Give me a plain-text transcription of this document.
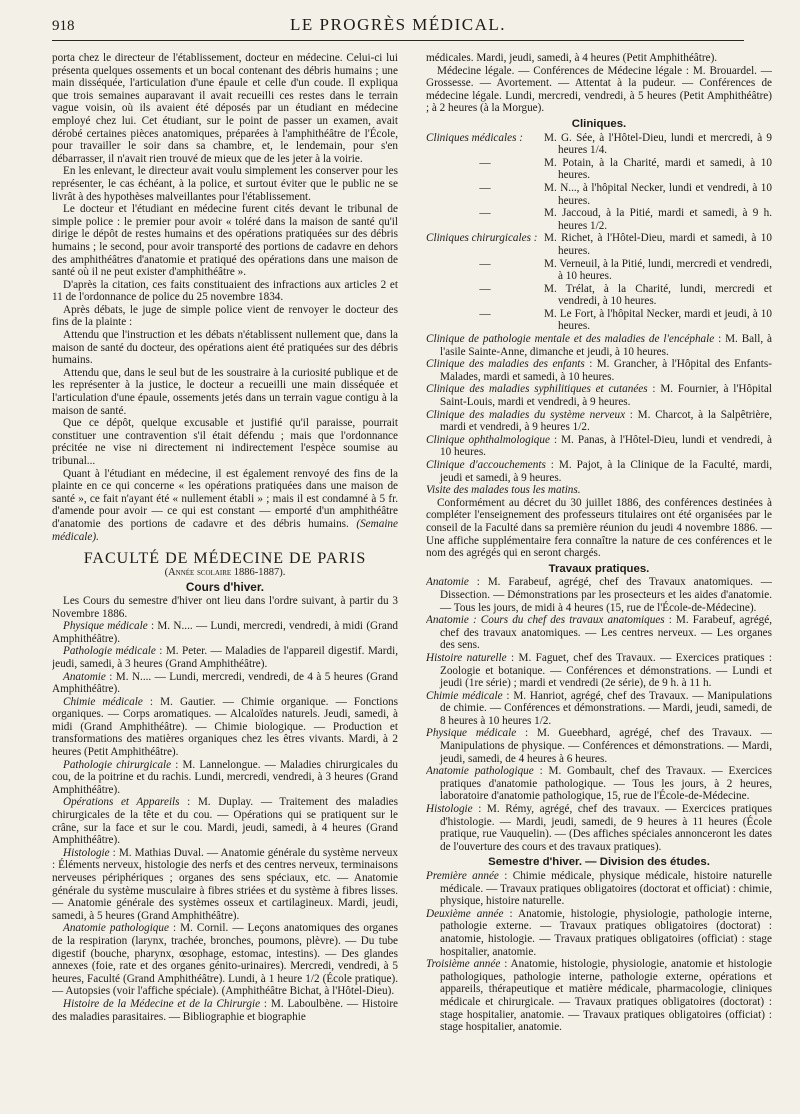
918	LE PROGRÈS MÉDICAL.

porta chez le directeur de l'établissement, docteur en médecine. Celui-ci lui présenta quelques ossements et un bocal contenant des débris humains ; une main disséquée, l'articulation d'une épaule et celle d'un coude. Il expliqua que trois semaines auparavant il avait recueilli ces restes dans le terrain vague voisin, où ils avaient été déposés par un étudiant en médecine employé chez lui. Cet étudiant, sur le point de passer un examen, avait dérobé certaines pièces anatomiques, préparées à l'amphithéâtre de l'École, pour travailler le soir dans sa chambre, et, le lendemain, pour s'en débarrasser, il n'avait rien trouvé de mieux que de les jeter à la voirie.

En les enlevant, le directeur avait voulu simplement les conserver pour les représenter, le cas échéant, à la police, et surtout éviter que le public ne se livrât à des hypothèses malveillantes pour l'établissement.

Le docteur et l'étudiant en médecine furent cités devant le tribunal de simple police : le premier pour avoir « toléré dans la maison de santé qu'il dirige le dépôt de restes humains et des opérations pratiquées sur des débris humains ; le second, pour avoir transporté des portions de cadavre en dehors des amphithéâtres d'anatomie et pratiqué des opérations dans une maison de santé où il ne peut exister d'amphithéâtre ».

D'après la citation, ces faits constituaient des infractions aux articles 2 et 11 de l'ordonnance de police du 25 novembre 1834.

Après débats, le juge de simple police vient de renvoyer le docteur des fins de la plainte :

Attendu que l'instruction et les débats n'établissent nullement que, dans la maison de santé du docteur, des opérations aient été pratiquées sur des débris humains.

Attendu que, dans le seul but de les soustraire à la curiosité publique et de les représenter à la justice, le docteur a recueilli une main disséquée et l'articulation d'une épaule, ossements jetés dans un terrain vague contigu à la maison de santé.

Que ce dépôt, quelque excusable et justifié qu'il paraisse, pourrait constituer une contravention s'il était défendu ; mais que l'ordonnance précitée ne vise ni directement ni indirectement l'espèce soumise au tribunal...

Quant à l'étudiant en médecine, il est également renvoyé des fins de la plainte en ce qui concerne « les opérations pratiquées dans une maison de santé », ce fait n'ayant été « nullement établi » ; mais il est condamné à 5 fr. d'amende pour avoir — ce qui est constant — emporté d'un amphithéâtre d'anatomie des portions de cadavre et des débris humains. (Semaine médicale).

FACULTÉ DE MÉDECINE DE PARIS
(Année scolaire 1886-1887).
Cours d'hiver.

Les Cours du semestre d'hiver ont lieu dans l'ordre suivant, à partir du 3 Novembre 1886.

Physique médicale : M. N.... — Lundi, mercredi, vendredi, à midi (Grand Amphithéâtre).

Pathologie médicale : M. Peter. — Maladies de l'appareil digestif. Mardi, jeudi, samedi, à 3 heures (Grand Amphithéâtre).

Anatomie : M. N.... — Lundi, mercredi, vendredi, de 4 à 5 heures (Grand Amphithéâtre).

Chimie médicale : M. Gautier. — Chimie organique. — Fonctions organiques. — Corps aromatiques. — Alcaloïdes naturels. Jeudi, samedi, à midi (Grand Amphithéâtre). — Chimie biologique. — Production et transformations des matières organiques chez les êtres vivants. Mardi, à 2 heures (Petit Amphithéâtre).

Pathologie chirurgicale : M. Lannelongue. — Maladies chirurgicales du cou, de la poitrine et du rachis. Lundi, mercredi, vendredi, à 3 heures (Grand Amphithéâtre).

Opérations et Appareils : M. Duplay. — Traitement des maladies chirurgicales de la tête et du cou. — Opérations qui se pratiquent sur le crâne, sur la face et sur le cou. Mardi, jeudi, samedi, à 4 heures (Grand Amphithéâtre).

Histologie : M. Mathias Duval. — Anatomie générale du système nerveux : Éléments nerveux, histologie des nerfs et des centres nerveux, terminaisons nerveuses périphériques ; organes des sens spéciaux, etc. — Anatomie générale du système musculaire à fibres striées et du système à fibres lisses. — Anatomie générale des systèmes osseux et cartilagineux. Mardi, jeudi, samedi, à 5 heures (Grand Amphithéâtre).

Anatomie pathologique : M. Cornil. — Leçons anatomiques des organes de la respiration (larynx, trachée, bronches, poumons, plèvre). — Du tube digestif (bouche, pharynx, œsophage, estomac, intestins). — Des glandes annexes (foie, rate et des organes génito-urinaires). Mercredi, vendredi, à 5 heures, Faculté (Grand Amphithéâtre). Lundi, à 1 heure 1/2 (École pratique). — Autopsies (voir l'affiche spéciale). (Amphithéâtre Bichat, à l'Hôtel-Dieu).

Histoire de la Médecine et de la Chirurgie : M. Laboulbène. — Histoire des maladies parasitaires. — Bibliographie et biographie

médicales. Mardi, jeudi, samedi, à 4 heures (Petit Amphithéâtre).

Médecine légale. — Conférences de Médecine légale : M. Brouardel. — Grossesse. — Avortement. — Attentat à la pudeur. — Conférences de médecine légale. Lundi, mercredi, vendredi, à 5 heures (Petit Amphithéâtre) ; à 2 heures (à la Morgue).

Cliniques.
Cliniques médicales :	M. G. Sée, à l'Hôtel-Dieu, lundi et mercredi, à 9 heures 1/4.
—	M. Potain, à la Charité, mardi et samedi, à 10 heures.
—	M. N..., à l'hôpital Necker, lundi et vendredi, à 10 heures.
—	M. Jaccoud, à la Pitié, mardi et samedi, à 9 h. heures 1/2.
Cliniques chirurgicales : M. Richet, à l'Hôtel-Dieu, mardi et samedi, à 10 heures.
—	M. Verneuil, à la Pitié, lundi, mercredi et vendredi, à 10 heures.
—	M. Trélat, à la Charité, lundi, mercredi et vendredi, à 10 heures.
—	M. Le Fort, à l'hôpital Necker, mardi et jeudi, à 10 heures.

Clinique de pathologie mentale et des maladies de l'encéphale : M. Ball, à l'asile Sainte-Anne, dimanche et jeudi, à 10 heures.

Clinique des maladies des enfants : M. Grancher, à l'Hôpital des Enfants-Malades, mardi et samedi, à 10 heures.

Clinique des maladies syphilitiques et cutanées : M. Fournier, à l'Hôpital Saint-Louis, mardi et vendredi, à 9 heures.

Clinique des maladies du système nerveux : M. Charcot, à la Salpêtrière, mardi et vendredi, à 9 heures 1/2.

Clinique ophthalmologique : M. Panas, à l'Hôtel-Dieu, lundi et vendredi, à 10 heures.

Clinique d'accouchements : M. Pajot, à la Clinique de la Faculté, mardi, jeudi et samedi, à 9 heures.

Visite des malades tous les matins.

Conformément au décret du 30 juillet 1886, des conférences destinées à compléter l'enseignement des professeurs titulaires ont été organisées par le conseil de la Faculté dans sa première réunion du jeudi 4 novembre 1886. — Une affiche supplémentaire fera connaître la nature de ces conférences et le nom des agrégés qui en seront chargés.

Travaux pratiques.

Anatomie : M. Farabeuf, agrégé, chef des Travaux anatomiques. — Dissection. — Démonstrations par les prosecteurs et les aides d'anatomie. — Tous les jours, de midi à 4 heures (15, rue de l'École-de-Médecine).

Anatomie : Cours du chef des travaux anatomiques : M. Farabeuf, agrégé, chef des travaux anatomiques. — Les centres nerveux. — Les organes des sens.

Histoire naturelle : M. Faguet, chef des Travaux. — Exercices pratiques : Zoologie et botanique. — Conférences et démonstrations. — Lundi et jeudi (1re série) ; mardi et vendredi (2e série), de 9 h. à 11 h.

Chimie médicale : M. Hanriot, agrégé, chef des Travaux. — Manipulations de chimie. — Conférences et démonstrations. — Mardi, jeudi, samedi, de 8 heures à 10 heures 1/2.

Physique médicale : M. Gueebhard, agrégé, chef des Travaux. — Manipulations de physique. — Conférences et démonstrations. — Mardi, jeudi, samedi, de 4 heures à 6 heures.

Anatomie pathologique : M. Gombault, chef des Travaux. — Exercices pratiques d'anatomie pathologique. — Tous les jours, à 2 heures, laboratoire d'anatomie pathologique, 15, rue de l'École-de-Médecine.

Histologie : M. Rémy, agrégé, chef des travaux. — Exercices pratiques d'histologie. — Mardi, jeudi, samedi, de 9 heures à 11 heures (École pratique, rue Vauquelin). — (Des affiches spéciales annonceront les dates de l'ouverture des cours et des travaux pratiques).

Semestre d'hiver. — Division des études.

Première année : Chimie médicale, physique médicale, histoire naturelle médicale. — Travaux pratiques obligatoires (doctorat et officiat) : chimie, physique, histoire naturelle.

Deuxième année : Anatomie, histologie, physiologie, pathologie interne, pathologie externe. — Travaux pratiques obligatoires (doctorat) : anatomie, histologie. — Travaux pratiques obligatoires (officiat) : stage hospitalier, anatomie.

Troisième année : Anatomie, histologie, physiologie, anatomie et histologie pathologiques, pathologie interne, pathologie externe, opérations et appareils, thérapeutique et matière médicale, pharmacologie, cliniques médicale et chirurgicale. — Travaux pratiques obligatoires (doctorat) : stage hospitalier, anatomie. — Travaux pratiques obligatoires (officiat) : stage hospitalier, anatomie.
